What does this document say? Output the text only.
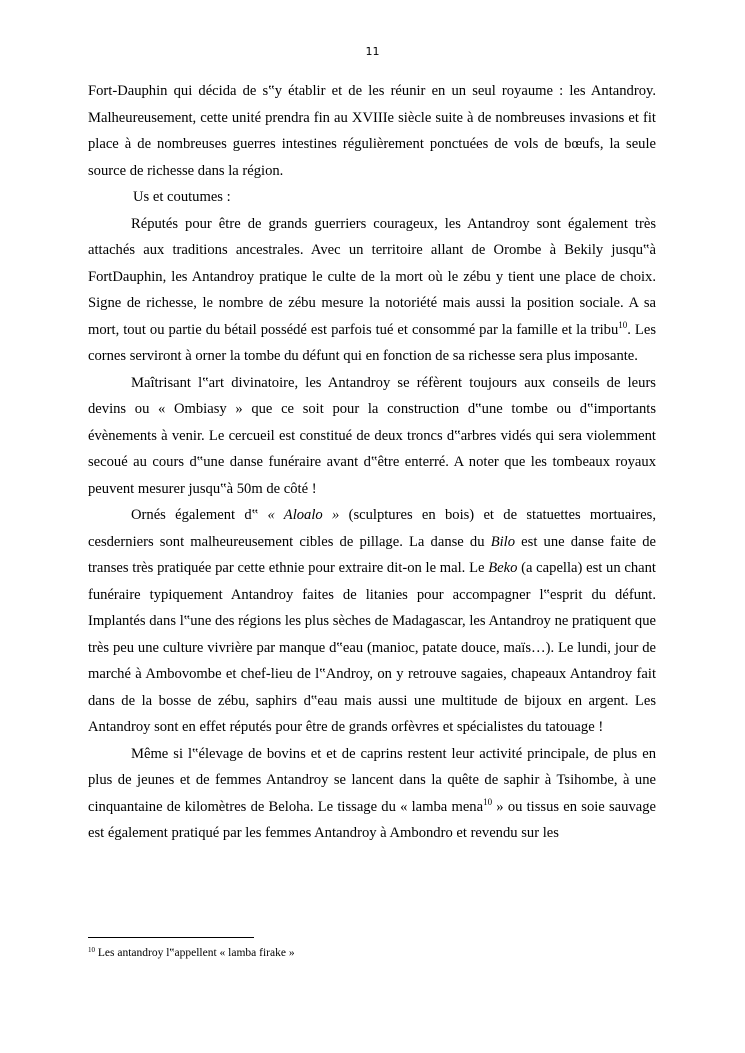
11

Fort-Dauphin qui décida de s‟y établir et de les réunir en un seul royaume : les Antandroy. Malheureusement, cette unité prendra fin au XVIIIe siècle suite à de nombreuses invasions et fit place à de nombreuses guerres intestines régulièrement ponctuées de vols de bœufs, la seule source de richesse dans la région.

Us et coutumes :

Réputés pour être de grands guerriers courageux, les Antandroy sont également très attachés aux traditions ancestrales. Avec un territoire allant de Orombe à Bekily jusqu‟à FortDauphin, les Antandroy pratique le culte de la mort où le zébu y tient une place de choix. Signe de richesse, le nombre de zébu mesure la notoriété mais aussi la position sociale. A sa mort, tout ou partie du bétail possédé est parfois tué et consommé par la famille et la tribu$^{10}$. Les cornes serviront à orner la tombe du défunt qui en fonction de sa richesse sera plus imposante.

Maîtrisant l‟art divinatoire, les Antandroy se réfèrent toujours aux conseils de leurs devins ou « Ombiasy » que ce soit pour la construction d‟une tombe ou d‟importants évènements à venir. Le cercueil est constitué de deux troncs d‟arbres vidés qui sera violemment secoué au cours d‟une danse funéraire avant d‟être enterré. A noter que les tombeaux royaux peuvent mesurer jusqu‟à 50m de côté !

Ornés également d‟ « Aloalo » (sculptures en bois) et de statuettes mortuaires, cesderniers sont malheureusement cibles de pillage. La danse du Bilo est une danse faite de transes très pratiquée par cette ethnie pour extraire dit-on le mal. Le Beko (a capella) est un chant funéraire typiquement Antandroy faites de litanies pour accompagner l‟esprit du défunt. Implantés dans l‟une des régions les plus sèches de Madagascar, les Antandroy ne pratiquent que très peu une culture vivrière par manque d‟eau (manioc, patate douce, maïs…). Le lundi, jour de marché à Ambovombe et chef-lieu de l‟Androy, on y retrouve sagaies, chapeaux Antandroy fait dans de la bosse de zébu, saphirs d‟eau mais aussi une multitude de bijoux en argent. Les Antandroy sont en effet réputés pour être de grands orfèvres et spécialistes du tatouage !

Même si l‟élevage de bovins et et de caprins restent leur activité principale, de plus en plus de jeunes et de femmes Antandroy se lancent dans la quête de saphir à Tsihombe, à une cinquantaine de kilomètres de Beloha. Le tissage du « lamba mena$^{10}$ » ou tissus en soie sauvage est également pratiqué par les femmes Antandroy à Ambondro et revendu sur les

$^{10}$ Les antandroy l‟appellent « lamba firake »
